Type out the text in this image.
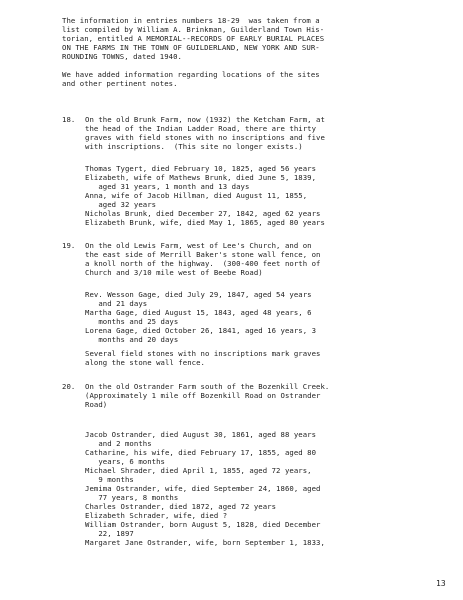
The information in entries numbers 18-29  was taken from a
list compiled by William A. Brinkman, Guilderland Town His-
torian, entitled A MEMORIAL--RECORDS OF EARLY BURIAL PLACES
ON THE FARMS IN THE TOWN OF GUILDERLAND, NEW YORK AND SUR-
ROUNDING TOWNS, dated 1940.
We have added information regarding locations of the sites
and other pertinent notes.
18. On the old Brunk Farm, now (1932) the Ketcham Farm, at
the head of the Indian Ladder Road, there are thirty
graves with field stones with no inscriptions and five
with inscriptions.  (This site no longer exists.)
Thomas Tygert, died February 10, 1825, aged 56 years
Elizabeth, wife of Mathews Brunk, died June 5, 1839,
aged 31 years, 1 month and 13 days
Anna, wife of Jacob Hillman, died August 11, 1855,
aged 32 years
Nicholas Brunk, died December 27, 1842, aged 62 years
Elizabeth Brunk, wife, died May 1, 1865, aged 80 years
19. On the old Lewis Farm, west of Lee's Church, and on
the east side of Merrill Baker's stone wall fence, on
a knoll north of the highway.  (300-400 feet north of
Church and 3/10 mile west of Beebe Road)
Rev. Wesson Gage, died July 29, 1847, aged 54 years
and 21 days
Martha Gage, died August 15, 1843, aged 48 years, 6
months and 25 days
Lorena Gage, died October 26, 1841, aged 16 years, 3
months and 20 days
Several field stones with no inscriptions mark graves
along the stone wall fence.
20. On the old Ostrander Farm south of the Bozenkill Creek.
(Approximately 1 mile off Bozenkill Road on Ostrander
Road)
Jacob Ostrander, died August 30, 1861, aged 88 years
and 2 months
Catharine, his wife, died February 17, 1855, aged 80
years, 6 months
Michael Shrader, died April 1, 1855, aged 72 years,
9 months
Jemima Ostrander, wife, died September 24, 1860, aged
77 years, 8 months
Charles Ostrander, died 1872, aged 72 years
Elizabeth Schrader, wife, died ?
William Ostrander, born August 5, 1828, died December
22, 1897
Margaret Jane Ostrander, wife, born September 1, 1833,
13
